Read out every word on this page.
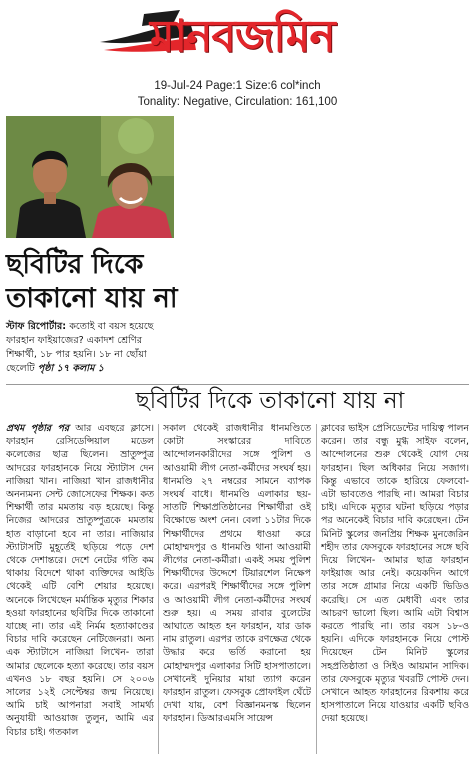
মানবজমিন
19-Jul-24 Page:1 Size:6 col*inch
Tonality: Negative, Circulation: 161,100
ছবিটির দিকে
তাকানো যায় না
স্টাফ রিপোর্টার: কতোই বা বয়স হয়েছে ফারহান ফাইয়াজের? একাদশ শ্রেণির শিক্ষার্থী, ১৮ পার হয়নি। ১৮ না ছোঁয়া ছেলেটি পৃষ্ঠা ১৭ কলাম ১
ছবিটির দিকে তাকানো যায় না
প্রথম পৃষ্ঠার পর আর এবছরে ক্লাসে। ফারহান রেসিডেন্সিয়াল মডেল কলেজের ছাত্র ছিলেন। ভ্রাতুষ্পুত্র আদরের ফারহানকে নিয়ে স্ট্যাটাস দেন নাজিয়া খান। নাজিয়া খান রাজধানীর অনন্যমন্য সেন্ট জোসেফের শিক্ষক। কত শিক্ষার্থী তার মমতায় বড় হয়েছে। কিন্তু নিজের আদরের ভ্রাতুষ্পুত্রকে মমতায় হাত বাড়ানো হবে না তার। নাজিয়ার স্ট্যাটাসটি মুহূর্তেই ছড়িয়ে পড়ে দেশ থেকে দেশান্তরে। দেশে নেটের গতি কম থাকায় বিদেশে থাকা ব্যক্তিদের আইডি থেকেই এটি বেশি শেয়ার হয়েছে। অনেকে লিখেছেন মর্মান্তিক মৃত্যুর শিকার হওয়া ফারহানের ছবিটির দিকে তাকানো যাচ্ছে না। তার এই নির্মম হত্যাকাণ্ডের বিচার দাবি করেছেন নেটিজেনরা। অন্য এক স্ট্যাটাসে নাজিয়া লিখেন- তারা আমার ছেলেকে হত্যা করেছে। তার বয়স এখনও ১৮ বছর হয়নি। সে ২০০৬ সালের ১২ই সেপ্টেম্বর জন্ম নিয়েছে। আমি চাই আপনারা সবাই সামর্থ্য অনুযায়ী আওয়াজ তুলুন, আমি এর বিচার চাই। গতকাল
সকাল থেকেই রাজধানীর ধানমণ্ডিতে কোটা সংস্কারের দাবিতে আন্দোলনকারীদের সঙ্গে পুলিশ ও আওয়ামী লীগ নেতা-কর্মীদের সংঘর্ষ হয়। ধানমণ্ডি ২৭ নম্বরের সামনে ব্যাপক সংঘর্ষ বাধে। ধানমণ্ডি এলাকার ছয়-সাতটি শিক্ষাপ্রতিষ্ঠানের শিক্ষার্থীরা ওই বিক্ষোভে অংশ নেন। বেলা ১১টার দিকে শিক্ষার্থীদের প্রথমে ধাওয়া করে মোহাম্মদপুর ও ধানমণ্ডি থানা আওয়ামী লীগের নেতা-কর্মীরা। একই সময় পুলিশ শিক্ষার্থীদের উদ্দেশে টিয়ারশেল নিক্ষেপ করে। এরপরই শিক্ষার্থীদের সঙ্গে পুলিশ ও আওয়ামী লীগ নেতা-কর্মীদের সংঘর্ষ শুরু হয়। এ সময় রাবার বুলেটের আঘাতে আহত হন ফারহান, যার ডাক নাম রাতুল। এরপর তাকে রণক্ষেত্র থেকে উদ্ধার করে ভর্তি করানো হয় মোহাম্মদপুর এলাকার সিটি হাসপাতালে। সেখানেই দুনিয়ার মায়া ত্যাগ করেন ফারহান রাতুল। ফেসবুক প্রোফাইল ঘেঁটে দেখা যায়, বেশ বিজ্ঞানমনস্ক ছিলেন ফারহান। ডিআরএমসি সায়েন্স
ক্লাবের ভাইস প্রেসিডেন্টের দায়িত্ব পালন করেন। তার বন্ধু মুগ্ধ সাইফ বলেন, আন্দোলনের শুরু থেকেই যোগ দেয় ফারহান। ছিল অধিকার নিয়ে সজাগ। কিন্তু এভাবে তাকে হারিয়ে ফেলবো- এটা ভাবতেও পারছি না। আমরা বিচার চাই। এদিকে মৃত্যুর ঘটনা ছড়িয়ে পড়ার পর অনেকেই বিচার দাবি করেছেন। টেন মিনিট স্কুলের জনপ্রিয় শিক্ষক মুনজেরিন শহীদ তার ফেসবুকে ফারহানের সঙ্গে ছবি দিয়ে লিখেন- আমার ছাত্র ফারহান ফাইয়াজ আর নেই। কয়েকদিন আগে তার সঙ্গে গ্রামার নিয়ে একটি ভিডিও করেছি। সে এত মেধাবী এবং তার আচরণ ভালো ছিল। আমি এটা বিশ্বাস করতে পারছি না। তার বয়স ১৮-ও হয়নি। এদিকে ফারহানকে নিয়ে পোস্ট দিয়েছেন টেন মিনিট স্কুলের সহপ্রতিষ্ঠাতা ও সিইও আয়মান সাদিক। তার ফেসবুকে মৃত্যুর খবরটি পোস্ট দেন। সেখানে আহত ফারহানের রিকশায় করে হাসপাতালে নিয়ে যাওয়ার একটি ছবিও দেয়া হয়েছে।
